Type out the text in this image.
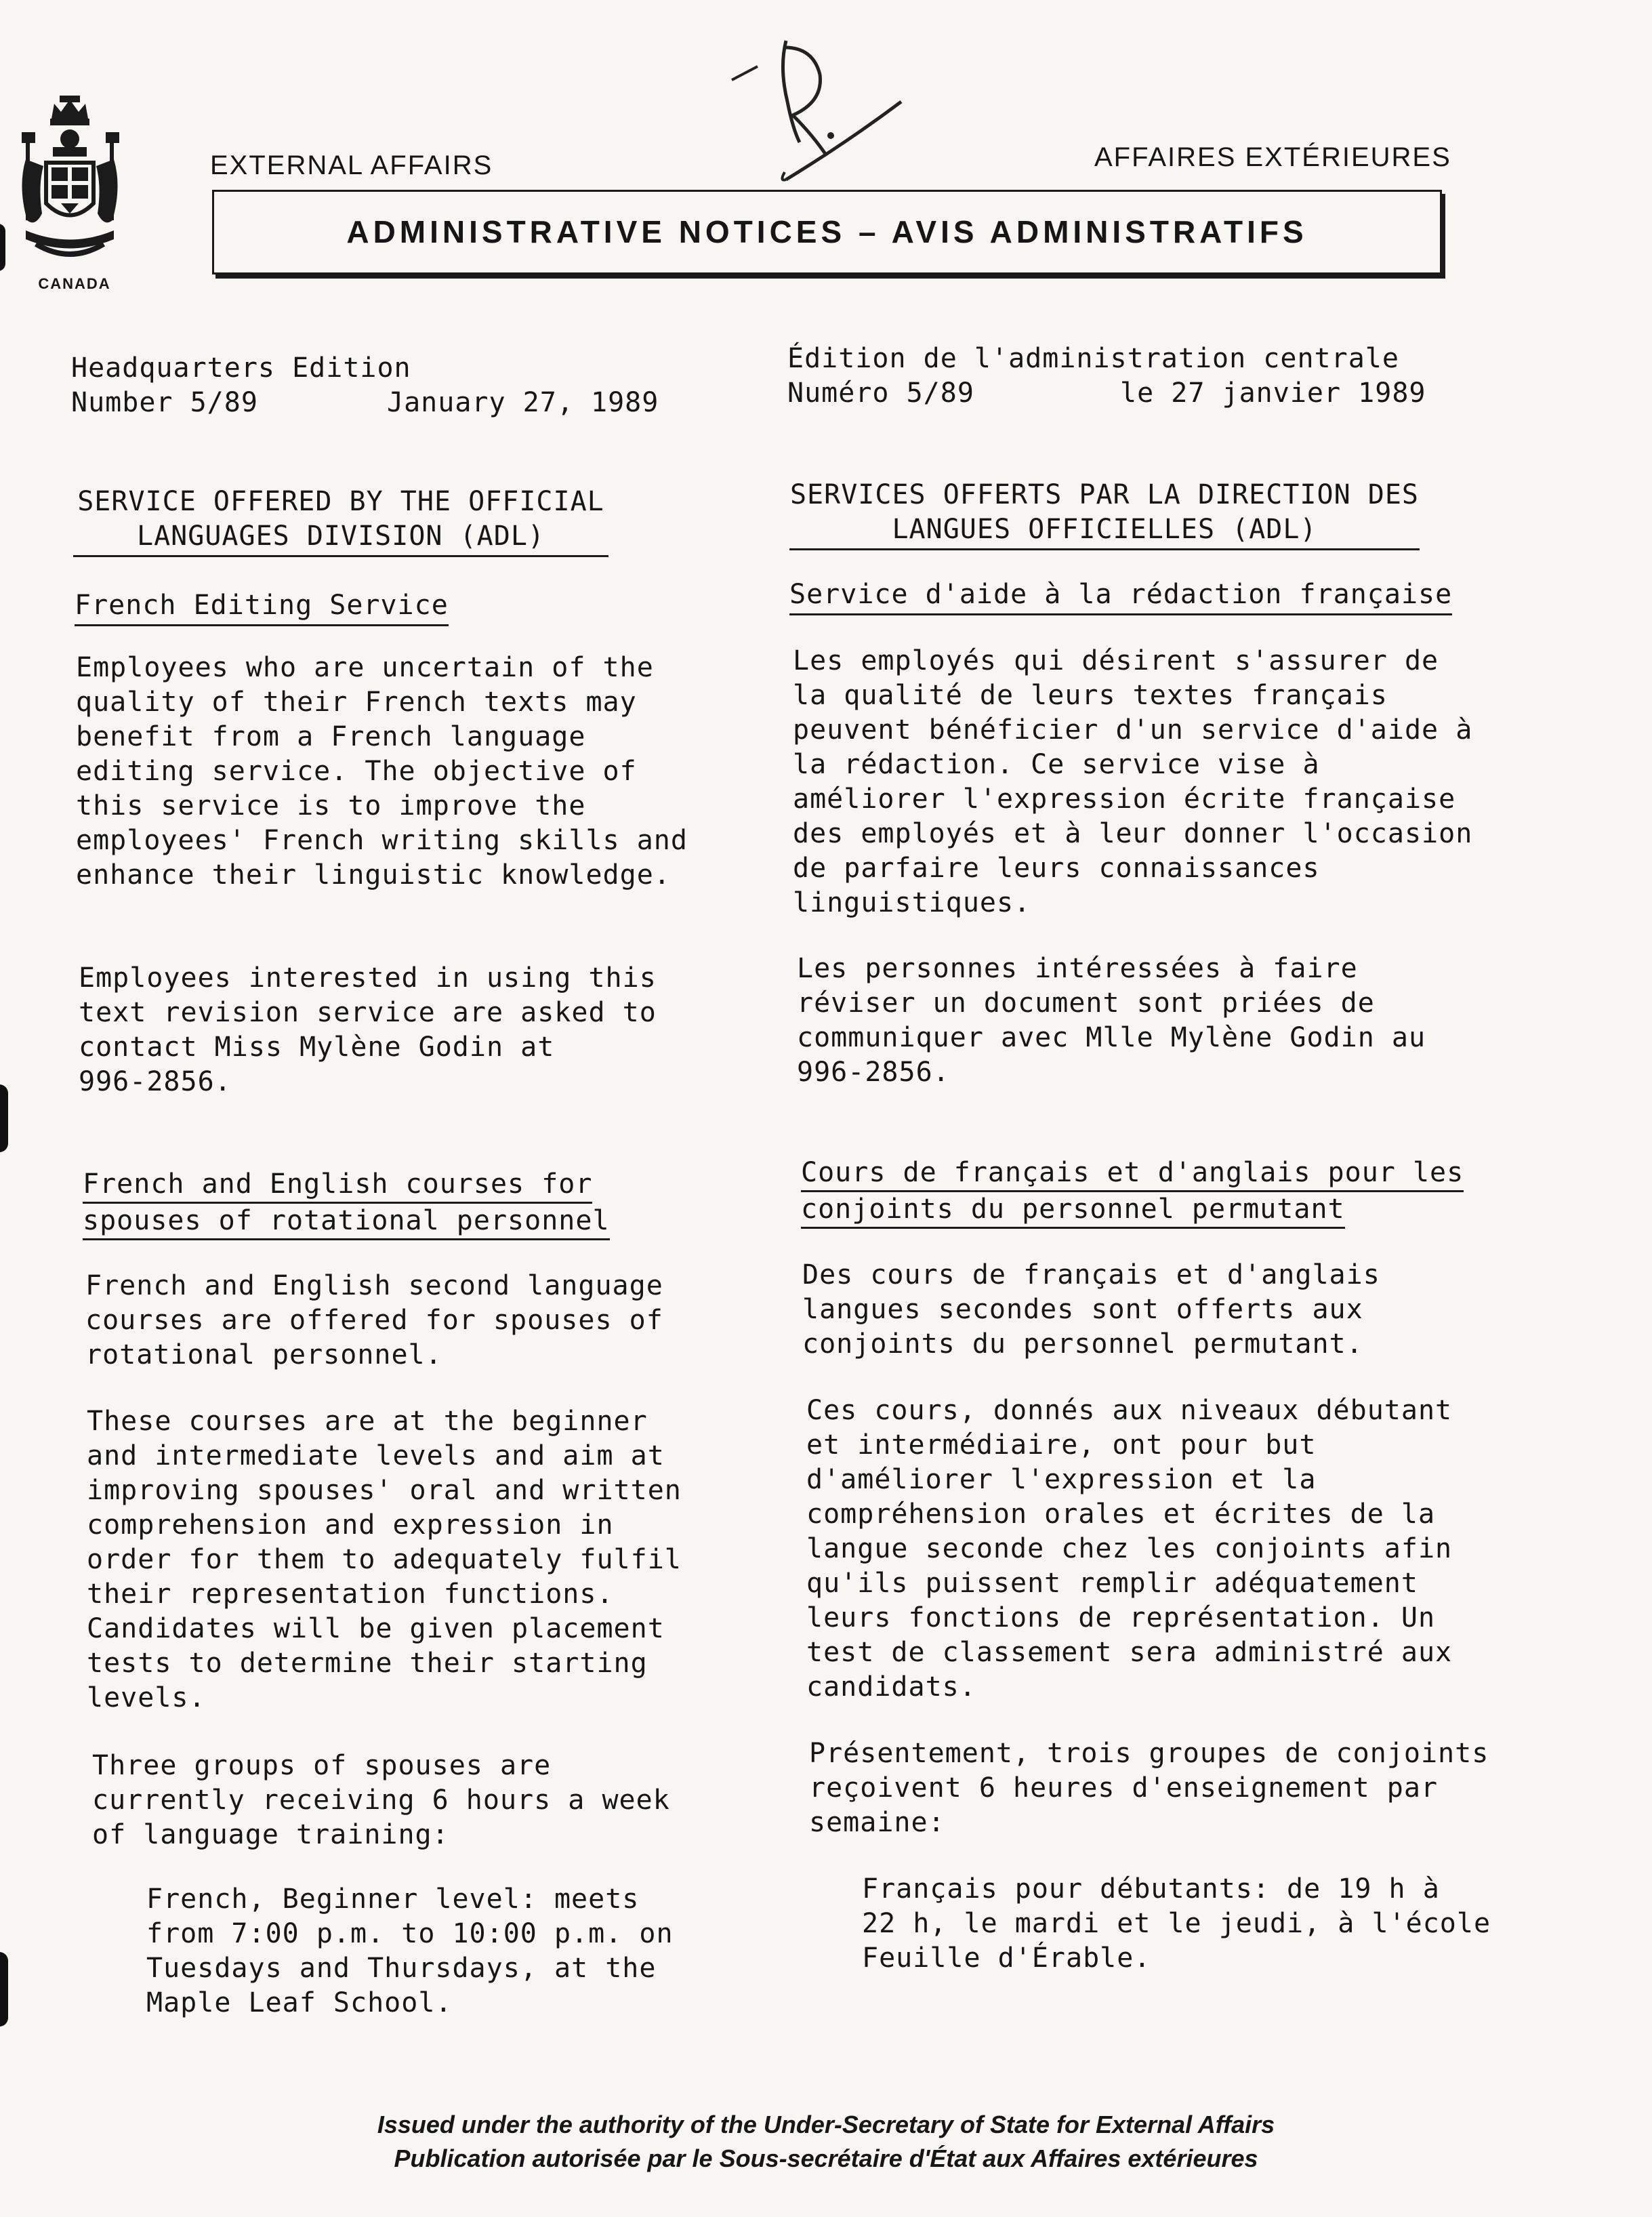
CANADA
EXTERNAL AFFAIRS	AFFAIRES EXTÉRIEURES
ADMINISTRATIVE NOTICES – AVIS ADMINISTRATIFS
Headquarters Edition
Number 5/89	January 27, 1989
Édition de l'administration centrale
Numéro 5/89	le 27 janvier 1989
SERVICE OFFERED BY THE OFFICIAL
LANGUAGES DIVISION (ADL)
French Editing Service
Employees who are uncertain of the
quality of their French texts may
benefit from a French language
editing service. The objective of
this service is to improve the
employees' French writing skills and
enhance their linguistic knowledge.
Employees interested in using this
text revision service are asked to
contact Miss Mylène Godin at
996-2856.
French and English courses for
spouses of rotational personnel
French and English second language
courses are offered for spouses of
rotational personnel.
These courses are at the beginner
and intermediate levels and aim at
improving spouses' oral and written
comprehension and expression in
order for them to adequately fulfil
their representation functions.
Candidates will be given placement
tests to determine their starting
levels.
Three groups of spouses are
currently receiving 6 hours a week
of language training:
French, Beginner level: meets
from 7:00 p.m. to 10:00 p.m. on
Tuesdays and Thursdays, at the
Maple Leaf School.
SERVICES OFFERTS PAR LA DIRECTION DES
LANGUES OFFICIELLES (ADL)
Service d'aide à la rédaction française
Les employés qui désirent s'assurer de
la qualité de leurs textes français
peuvent bénéficier d'un service d'aide à
la rédaction. Ce service vise à
améliorer l'expression écrite française
des employés et à leur donner l'occasion
de parfaire leurs connaissances
linguistiques.
Les personnes intéressées à faire
réviser un document sont priées de
communiquer avec Mlle Mylène Godin au
996-2856.
Cours de français et d'anglais pour les
conjoints du personnel permutant
Des cours de français et d'anglais
langues secondes sont offerts aux
conjoints du personnel permutant.
Ces cours, donnés aux niveaux débutant
et intermédiaire, ont pour but
d'améliorer l'expression et la
compréhension orales et écrites de la
langue seconde chez les conjoints afin
qu'ils puissent remplir adéquatement
leurs fonctions de représentation. Un
test de classement sera administré aux
candidats.
Présentement, trois groupes de conjoints
reçoivent 6 heures d'enseignement par
semaine:
Français pour débutants: de 19 h à
22 h, le mardi et le jeudi, à l'école
Feuille d'Érable.
Issued under the authority of the Under-Secretary of State for External Affairs
Publication autorisée par le Sous-secrétaire d'État aux Affaires extérieures
